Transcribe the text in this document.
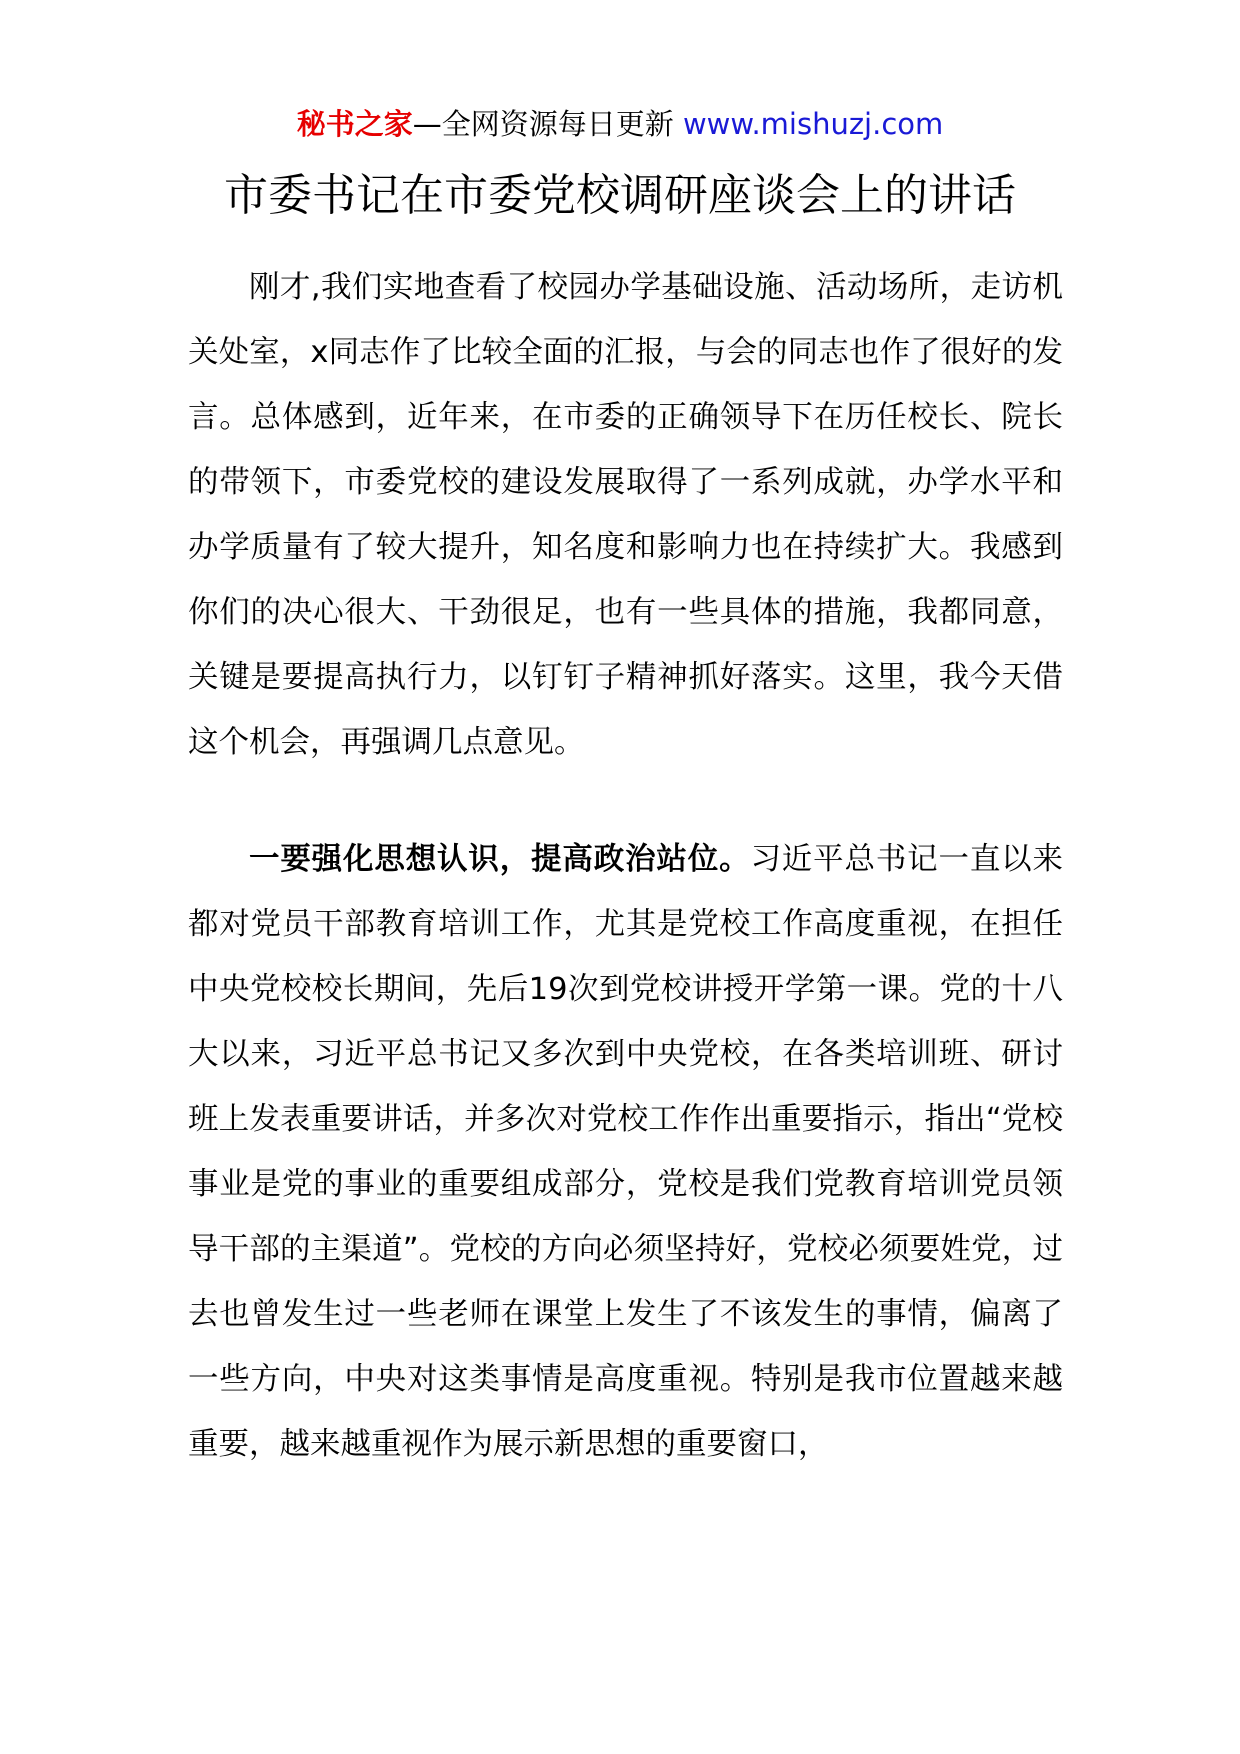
秘书之家—全网资源每日更新 www.mishuzj.com
市委书记在市委党校调研座谈会上的讲话

刚才,我们实地查看了校园办学基础设施、活动场所，走访机关处室，x同志作了比较全面的汇报，与会的同志也作了很好的发言。总体感到，近年来，在市委的正确领导下在历任校长、院长的带领下，市委党校的建设发展取得了一系列成就，办学水平和办学质量有了较大提升，知名度和影响力也在持续扩大。我感到你们的决心很大、干劲很足，也有一些具体的措施，我都同意，关键是要提高执行力，以钉钉子精神抓好落实。这里，我今天借这个机会，再强调几点意见。

一要强化思想认识，提高政治站位。习近平总书记一直以来都对党员干部教育培训工作，尤其是党校工作高度重视，在担任中央党校校长期间，先后19次到党校讲授开学第一课。党的十八大以来，习近平总书记又多次到中央党校，在各类培训班、研讨班上发表重要讲话，并多次对党校工作作出重要指示，指出“党校事业是党的事业的重要组成部分，党校是我们党教育培训党员领导干部的主渠道”。党校的方向必须坚持好，党校必须要姓党，过去也曾发生过一些老师在课堂上发生了不该发生的事情，偏离了一些方向，中央对这类事情是高度重视。特别是我市位置越来越重要，越来越重视作为展示新思想的重要窗口，
